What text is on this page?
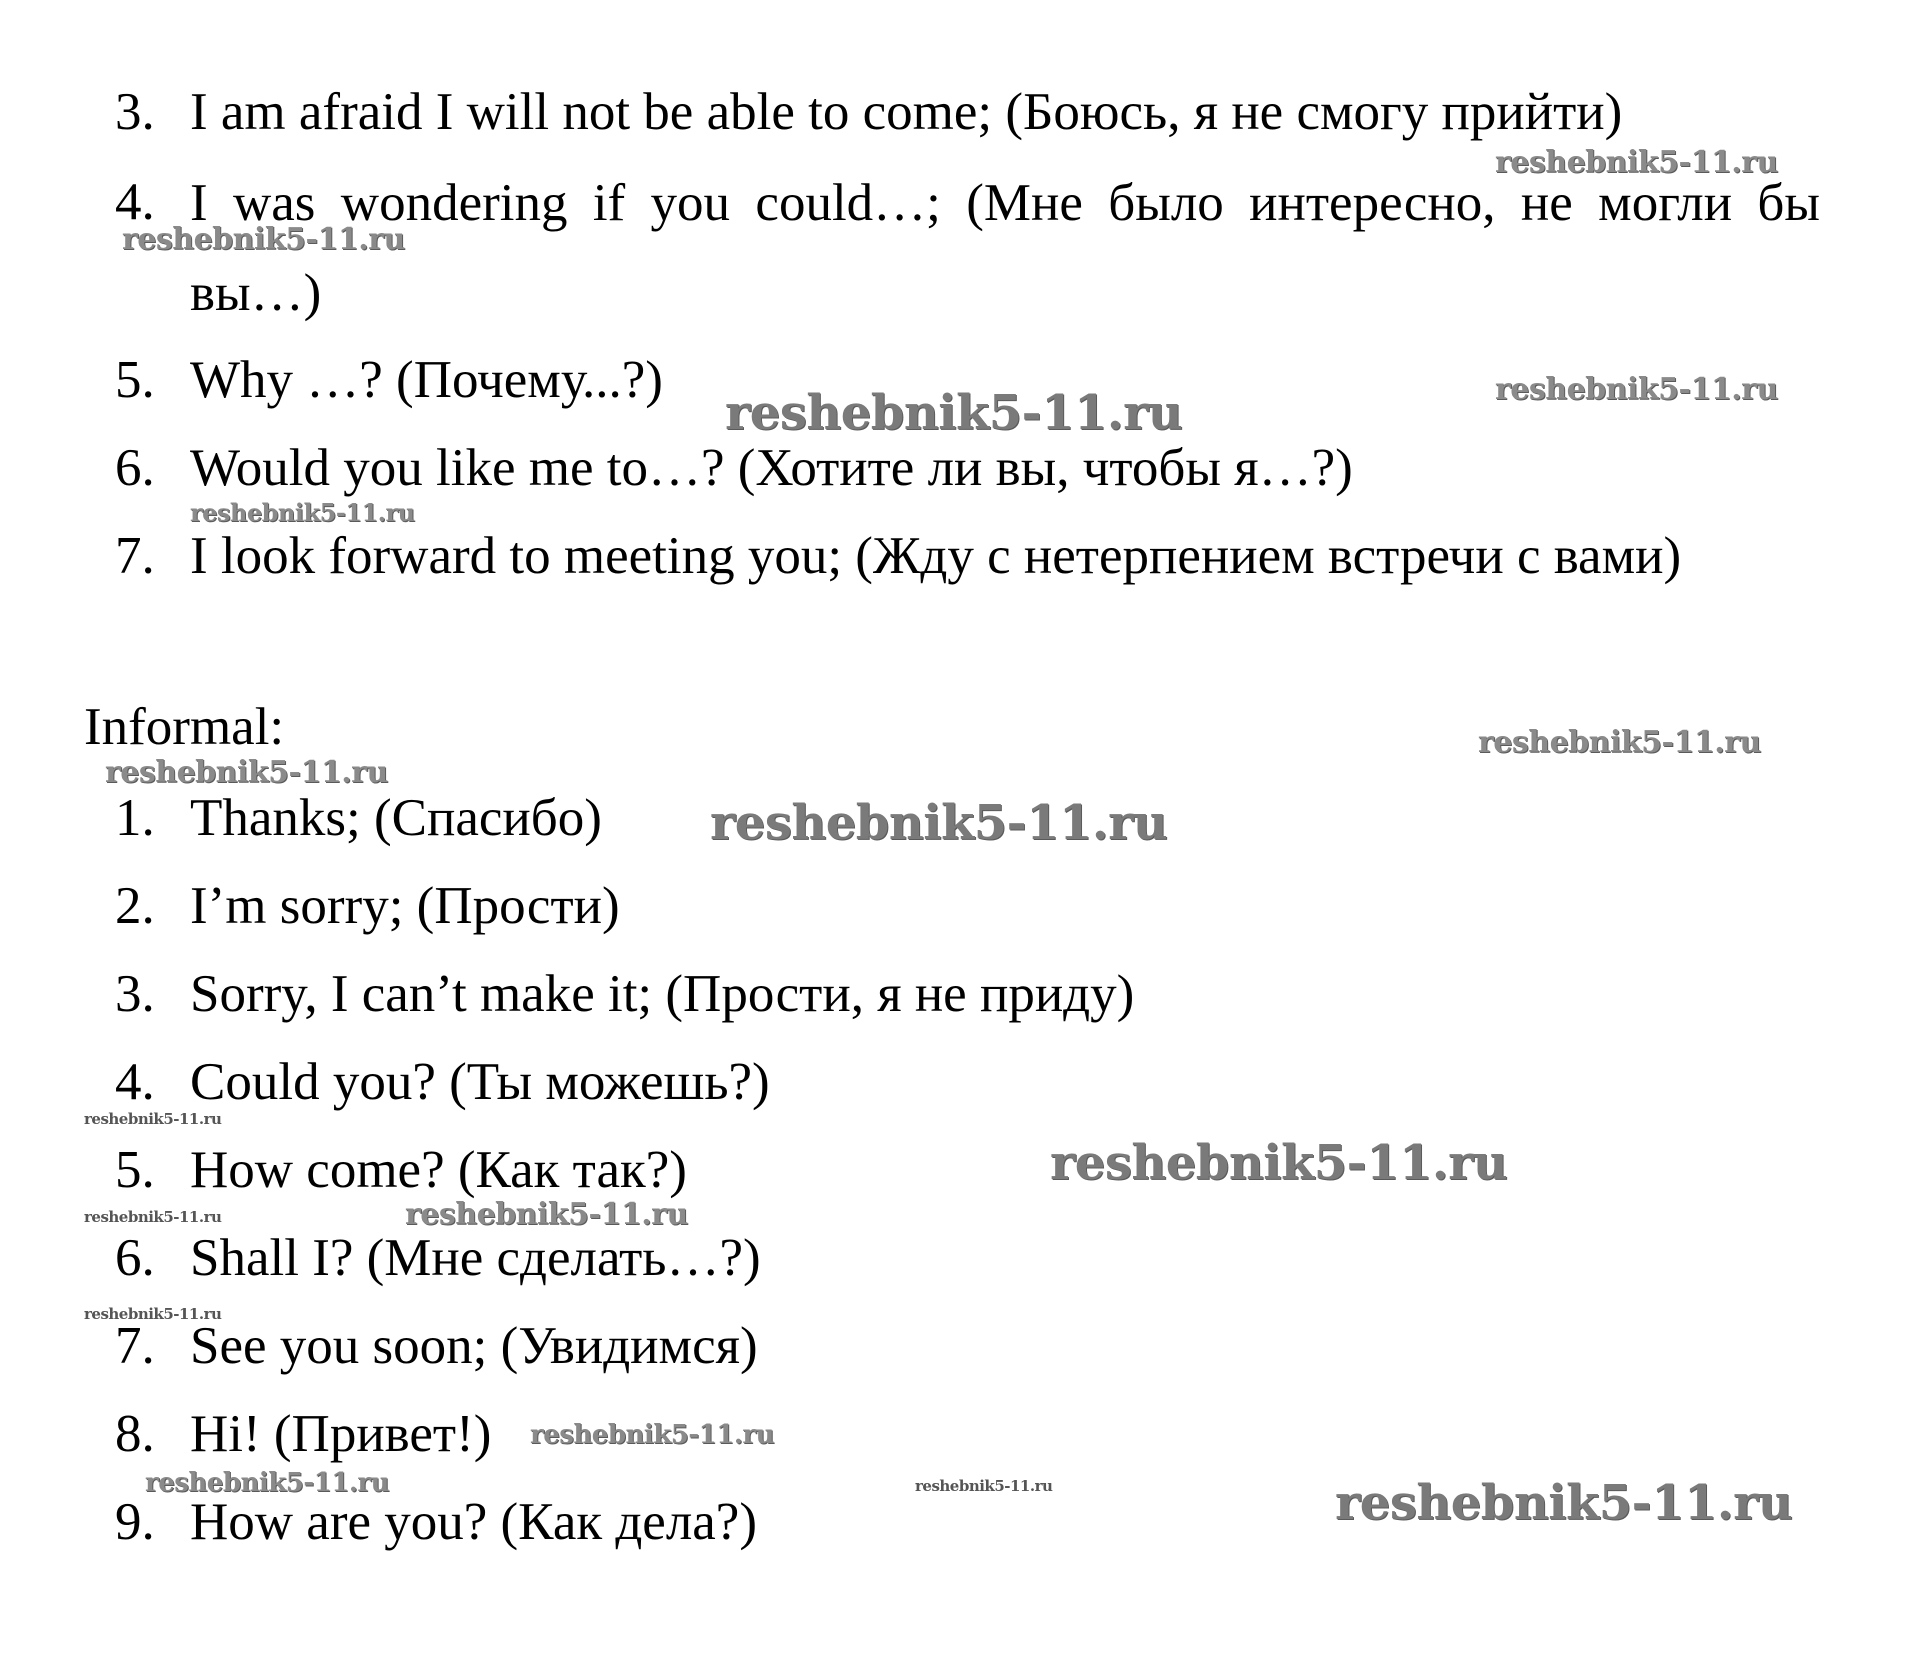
3. I am afraid I will not be able to come; (Боюсь, я не смогу прийти)
4. I was wondering if you could…; (Мне было интересно, не могли бы вы…)
5. Why …? (Почему...?)
6. Would you like me to…? (Хотите ли вы, чтобы я…?)
7. I look forward to meeting you; (Жду с нетерпением встречи с вами)
Informal:
1. Thanks; (Спасибо)
2. I’m sorry; (Прости)
3. Sorry, I can’t make it; (Прости, я не приду)
4. Could you? (Ты можешь?)
5. How come? (Как так?)
6. Shall I? (Мне сделать…?)
7. See you soon; (Увидимся)
8. Hi! (Привет!)
9. How are you? (Как дела?)
reshebnik5-11.ru
reshebnik5-11.ru
reshebnik5-11.ru	reshebnik5-11.ru
reshebnik5-11.ru
reshebnik5-11.ru
reshebnik5-11.ru
reshebnik5-11.ru
reshebnik5-11.ru
reshebnik5-11.ru
reshebnik5-11.ru	reshebnik5-11.ru
reshebnik5-11.ru
reshebnik5-11.ru
reshebnik5-11.ru	reshebnik5-11.ru	reshebnik5-11.ru
